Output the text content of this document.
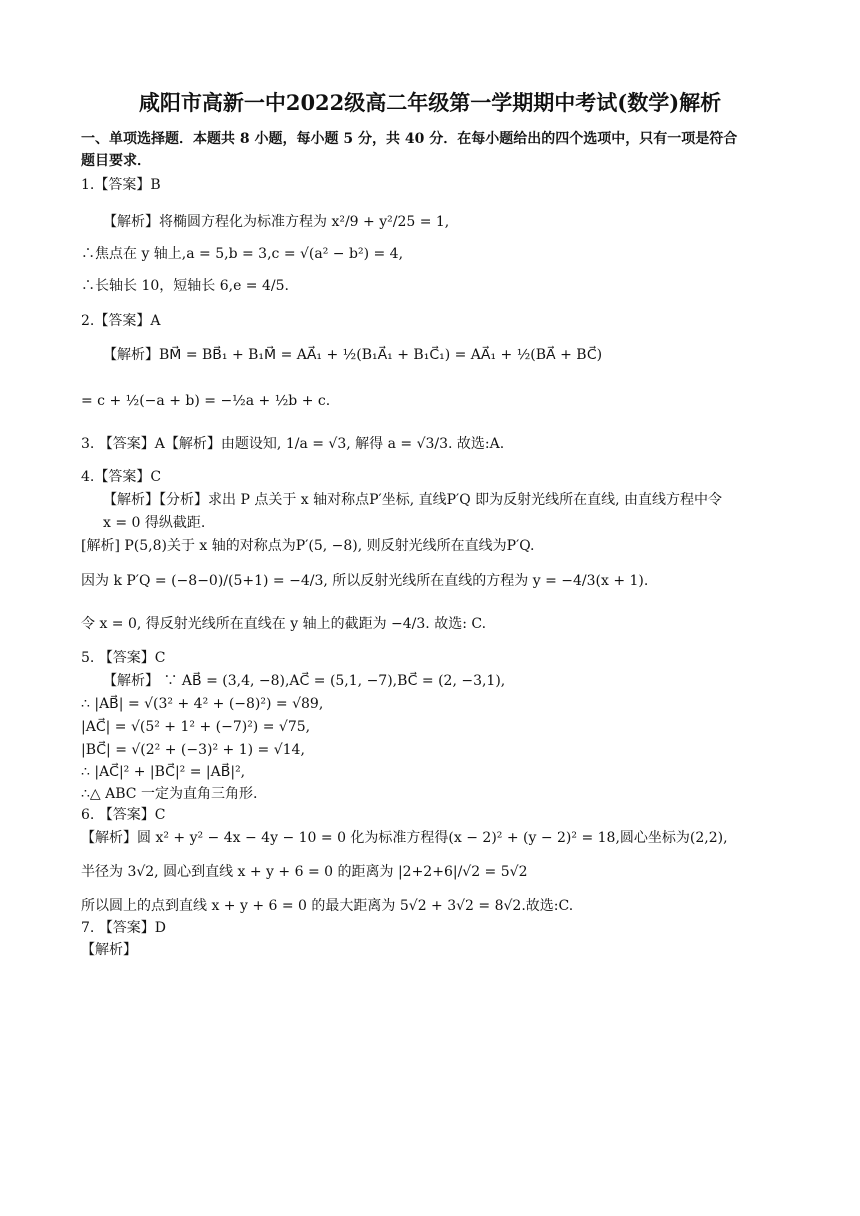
咸阳市高新一中2022级高二年级第一学期期中考试(数学)解析
一、单项选择题．本题共 8 小题，每小题 5 分，共 40 分．在每小题给出的四个选项中，只有一项是符合
题目要求．
1.【答案】B
【解析】将椭圆方程化为标准方程为 x²/9 + y²/25 = 1,
∴焦点在 y 轴上,a = 5,b = 3,c = √(a² − b²) = 4,
∴长轴长 10，短轴长 6,e = 4/5.
2.【答案】A
【解析】BM⃗ = BB⃗₁ + B₁M⃗ = AA⃗₁ + ½(B₁A⃗₁ + B₁C⃗₁) = AA⃗₁ + ½(BA⃗ + BC⃗)
= c + ½(−a + b) = −½a + ½b + c.
3. 【答案】A【解析】由题设知, 1/a = √3, 解得 a = √3/3. 故选:A.
4.【答案】C
【解析】【分析】求出 P 点关于 x 轴对称点P′坐标, 直线P′Q 即为反射光线所在直线, 由直线方程中令
x = 0 得纵截距.
[解析] P(5,8)关于 x 轴的对称点为P′(5, −8), 则反射光线所在直线为P′Q.
因为 k P′Q = (−8−0)/(5+1) = −4/3, 所以反射光线所在直线的方程为 y = −4/3(x + 1).
令 x = 0, 得反射光线所在直线在 y 轴上的截距为 −4/3. 故选: C.
5. 【答案】C
【解析】 ∵ AB⃗ = (3,4, −8),AC⃗ = (5,1, −7),BC⃗ = (2, −3,1),
∴ |AB⃗| = √(3² + 4² + (−8)²) = √89,
|AC⃗| = √(5² + 1² + (−7)²) = √75,
|BC⃗| = √(2² + (−3)² + 1) = √14,
∴ |AC⃗|² + |BC⃗|² = |AB⃗|²,
∴△ ABC 一定为直角三角形.
6. 【答案】C
【解析】圆 x² + y² − 4x − 4y − 10 = 0 化为标准方程得(x − 2)² + (y − 2)² = 18,圆心坐标为(2,2),
半径为 3√2, 圆心到直线 x + y + 6 = 0 的距离为 |2+2+6|/√2 = 5√2
所以圆上的点到直线 x + y + 6 = 0 的最大距离为 5√2 + 3√2 = 8√2.故选:C.
7. 【答案】D
【解析】
